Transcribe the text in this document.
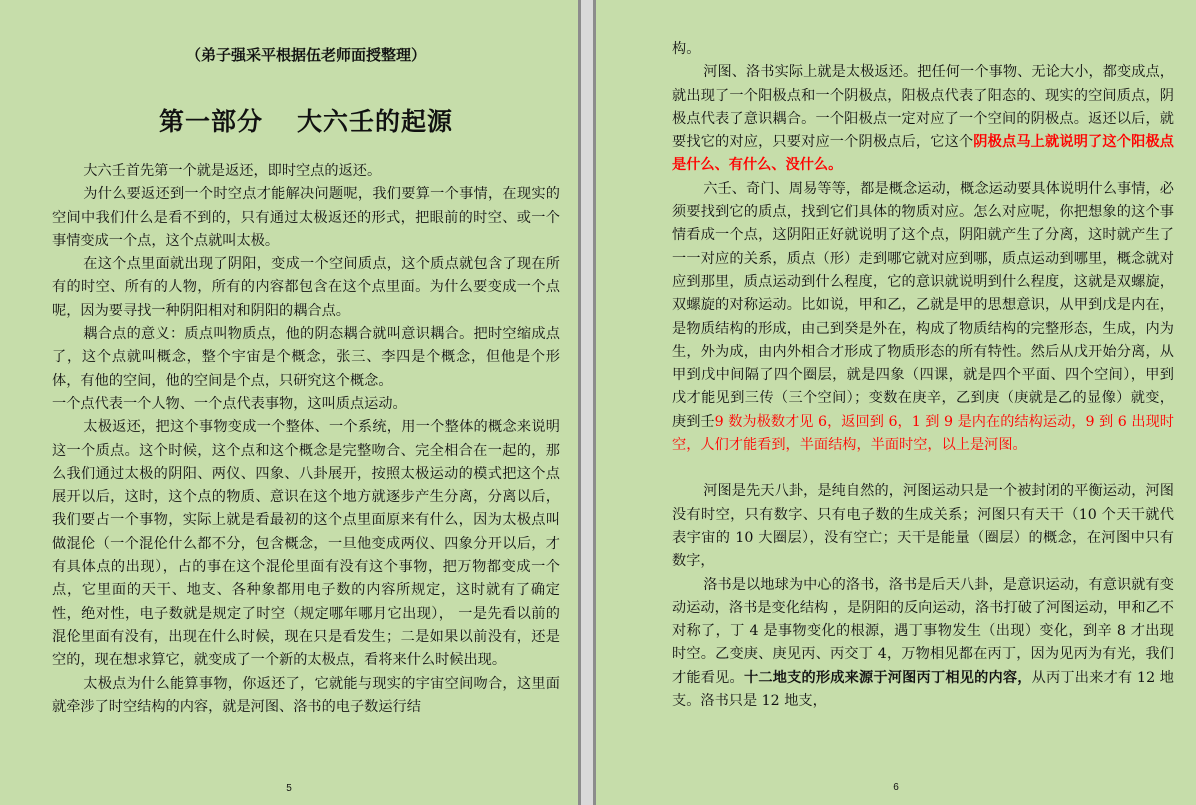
（弟子强采平根据伍老师面授整理）
第一部分 大六壬的起源

大六壬首先第一个就是返还，即时空点的返还。

为什么要返还到一个时空点才能解决问题呢，我们要算一个事情，在现实的空间中我们什么是看不到的，只有通过太极返还的形式，把眼前的时空、或一个事情变成一个点，这个点就叫太极。

在这个点里面就出现了阴阳，变成一个空间质点，这个质点就包含了现在所有的时空、所有的人物，所有的内容都包含在这个点里面。为什么要变成一个点呢，因为要寻找一种阴阳相对和阴阳的耦合点。

耦合点的意义：质点叫物质点，他的阴态耦合就叫意识耦合。把时空缩成点了，这个点就叫概念，整个宇宙是个概念，张三、李四是个概念，但他是个形体，有他的空间，他的空间是个点，只研究这个概念。

一个点代表一个人物、一个点代表事物，这叫质点运动。

太极返还，把这个事物变成一个整体、一个系统，用一个整体的概念来说明这一个质点。这个时候，这个点和这个概念是完整吻合、完全相合在一起的，那么我们通过太极的阴阳、两仪、四象、八卦展开，按照太极运动的模式把这个点展开以后，这时，这个点的物质、意识在这个地方就逐步产生分离，分离以后，我们要占一个事物，实际上就是看最初的这个点里面原来有什么，因为太极点叫做混伦（一个混伦什么都不分，包含概念，一旦他变成两仪、四象分开以后，才有具体点的出现），占的事在这个混伦里面有没有这个事物，把万物都变成一个点，它里面的天干、地支、各种象都用电子数的内容所规定，这时就有了确定性，绝对性，电子数就是规定了时空（规定哪年哪月它出现）， 一是先看以前的混伦里面有没有，出现在什么时候，现在只是看发生；二是如果以前没有，还是空的，现在想求算它，就变成了一个新的太极点，看将来什么时候出现。

太极点为什么能算事物，你返还了，它就能与现实的宇宙空间吻合，这里面就牵涉了时空结构的内容，就是河图、洛书的电子数运行结

5

构。

河图、洛书实际上就是太极返还。把任何一个事物、无论大小，都变成点，就出现了一个阳极点和一个阴极点，阳极点代表了阳态的、现实的空间质点，阴极点代表了意识耦合。一个阳极点一定对应了一个空间的阴极点。返还以后，就要找它的对应，只要对应一个阴极点后，它这个阴极点马上就说明了这个阳极点是什么、有什么、没什么。

六壬、奇门、周易等等，都是概念运动，概念运动要具体说明什么事情，必须要找到它的质点，找到它们具体的物质对应。怎么对应呢，你把想象的这个事情看成一个点，这阴阳正好就说明了这个点，阴阳就产生了分离，这时就产生了一一对应的关系，质点（形）走到哪它就对应到哪，质点运动到哪里，概念就对应到那里，质点运动到什么程度，它的意识就说明到什么程度，这就是双螺旋，双螺旋的对称运动。比如说，甲和乙，乙就是甲的思想意识，从甲到戊是内在，是物质结构的形成，由己到癸是外在，构成了物质结构的完整形态，生成，内为生，外为成，由内外相合才形成了物质形态的所有特性。然后从戊开始分离，从甲到戊中间隔了四个圈层，就是四象（四课，就是四个平面、四个空间），甲到戊才能见到三传（三个空间）；变数在庚辛，乙到庚（庚就是乙的显像）就变，庚到壬9 数为极数才见 6，返回到 6，1 到 9 是内在的结构运动，9 到 6 出现时空，人们才能看到，半面结构，半面时空，以上是河图。

河图是先天八卦，是纯自然的，河图运动只是一个被封闭的平衡运动，河图没有时空，只有数字、只有电子数的生成关系；河图只有天干（10 个天干就代表宇宙的 10 大圈层），没有空亡；天干是能量（圈层）的概念，在河图中只有数字，

洛书是以地球为中心的洛书，洛书是后天八卦，是意识运动，有意识就有变动运动，洛书是变化结构 ，是阴阳的反向运动，洛书打破了河图运动，甲和乙不对称了，丁 4 是事物变化的根源，遇丁事物发生（出现）变化，到辛 8 才出现时空。乙变庚、庚见丙、丙交丁 4，万物相见都在丙丁，因为见丙为有光，我们才能看见。十二地支的形成来源于河图丙丁相见的内容，从丙丁出来才有 12 地支。洛书只是 12 地支，

6
